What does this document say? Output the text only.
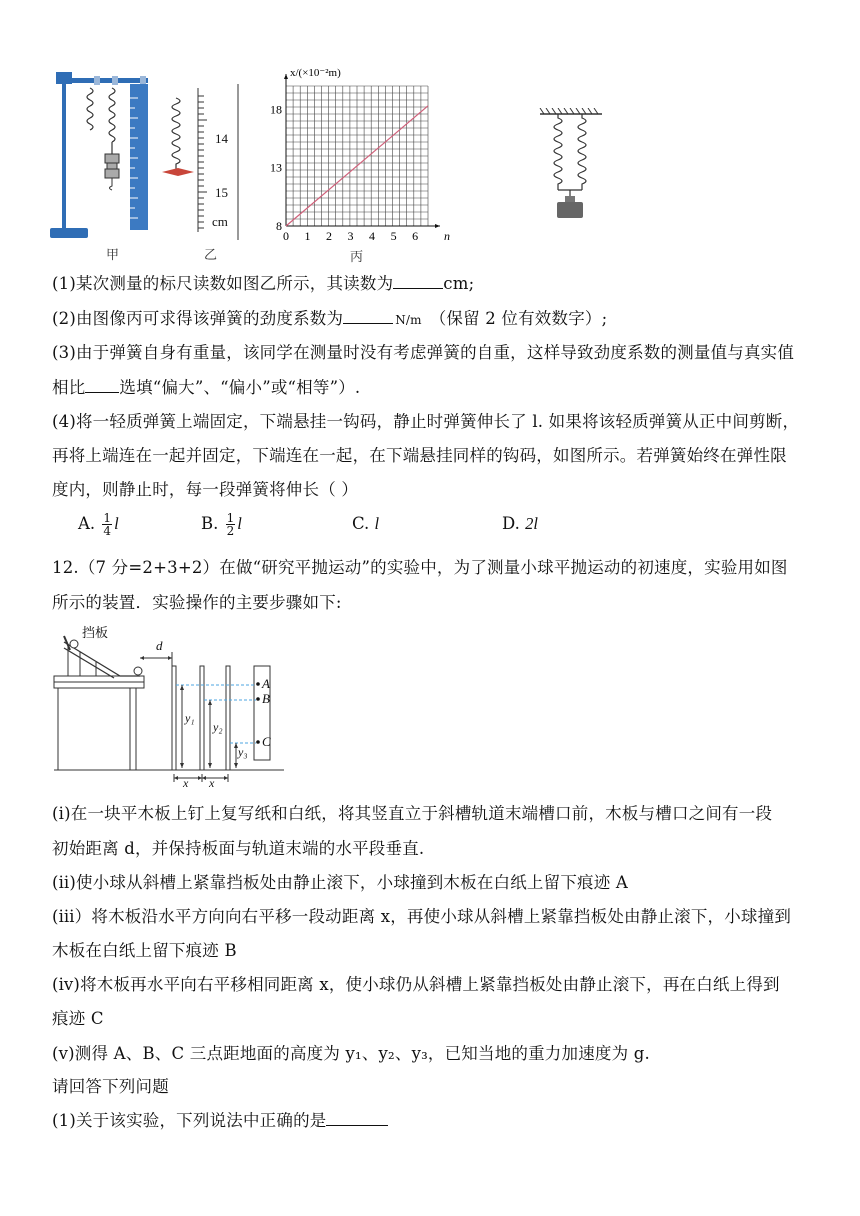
甲
14
15
cm
乙
0 1 2 3 4 5 6
8
13
18
n
x/(×10⁻²m)
丙
(1)某次测量的标尺读数如图乙所示，其读数为	cm;
(2)由图像丙可求得该弹簧的劲度系数为	N/m （保留 2 位有效数字）;
(3)由于弹簧自身有重量，该同学在测量时没有考虑弹簧的自重，这样导致劲度系数的测量值与真实值
相比 选填“偏大”、“偏小”或“相等”）.
(4)将一轻质弹簧上端固定，下端悬挂一钩码，静止时弹簧伸长了 l. 如果将该轻质弹簧从正中间剪断，
再将上端连在一起并固定，下端连在一起，在下端悬挂同样的钩码，如图所示。若弹簧始终在弹性限
度内，则静止时，每一段弹簧将伸长（ ）
A. $\frac{1}{4}$ l	B. $\frac{1}{2}$ l	C. l	D. 2l
12.（7 分=2+3+2）在做“研究平抛运动”的实验中，为了测量小球平抛运动的初速度，实验用如图
所示的装置．实验操作的主要步骤如下:
挡板
d
A
B
C
y₁
y₂
y₃
x x
(ⅰ)在一块平木板上钉上复写纸和白纸，将其竖直立于斜槽轨道末端槽口前，木板与槽口之间有一段
初始距离 d，并保持板面与轨道末端的水平段垂直.
(ⅱ)使小球从斜槽上紧靠挡板处由静止滚下，小球撞到木板在白纸上留下痕迹 A
(ⅲ）将木板沿水平方向向右平移一段动距离 x，再使小球从斜槽上紧靠挡板处由静止滚下，小球撞到
木板在白纸上留下痕迹 B
(ⅳ)将木板再水平向右平移相同距离 x，使小球仍从斜槽上紧靠挡板处由静止滚下，再在白纸上得到
痕迹 C
(ⅴ)测得 A、B、C 三点距地面的高度为 y₁、y₂、y₃，已知当地的重力加速度为 g.
请回答下列问题
(1)关于该实验，下列说法中正确的是
